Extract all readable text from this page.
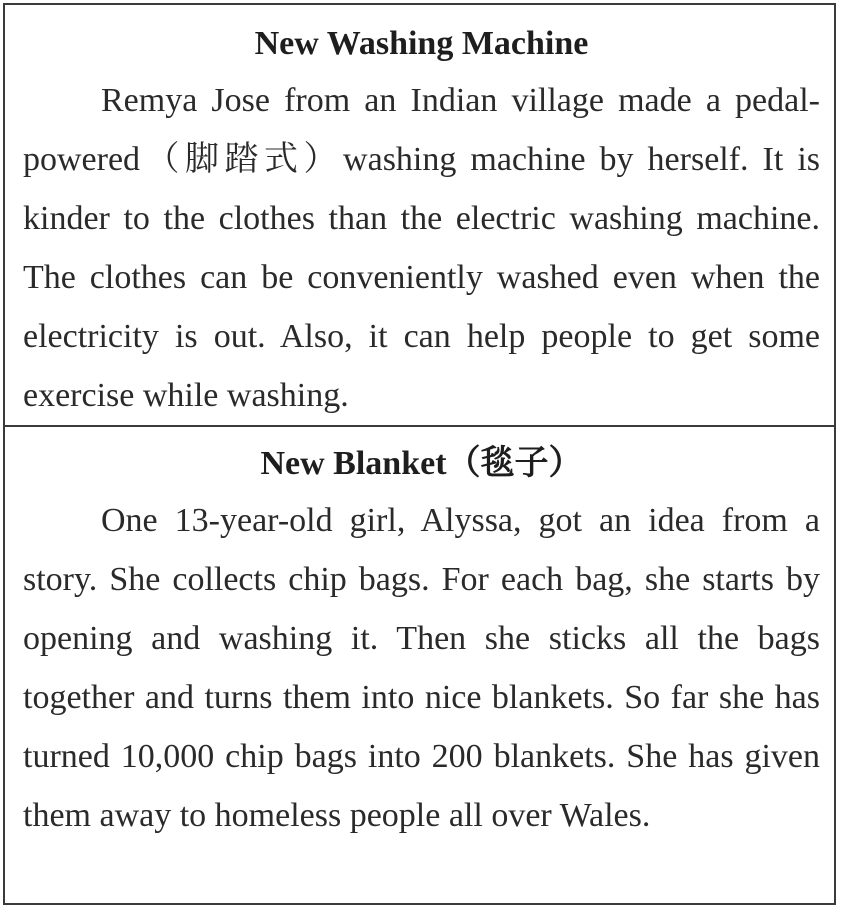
New Washing Machine

Remya Jose from an Indian village made a pedal-powered（脚踏式）washing machine by herself. It is kinder to the clothes than the electric washing machine. The clothes can be conveniently washed even when the electricity is out. Also, it can help people to get some exercise while washing.

New Blanket（毯子）

One 13-year-old girl, Alyssa, got an idea from a story. She collects chip bags. For each bag, she starts by opening and washing it. Then she sticks all the bags together and turns them into nice blankets. So far she has turned 10,000 chip bags into 200 blankets. She has given them away to homeless people all over Wales.
